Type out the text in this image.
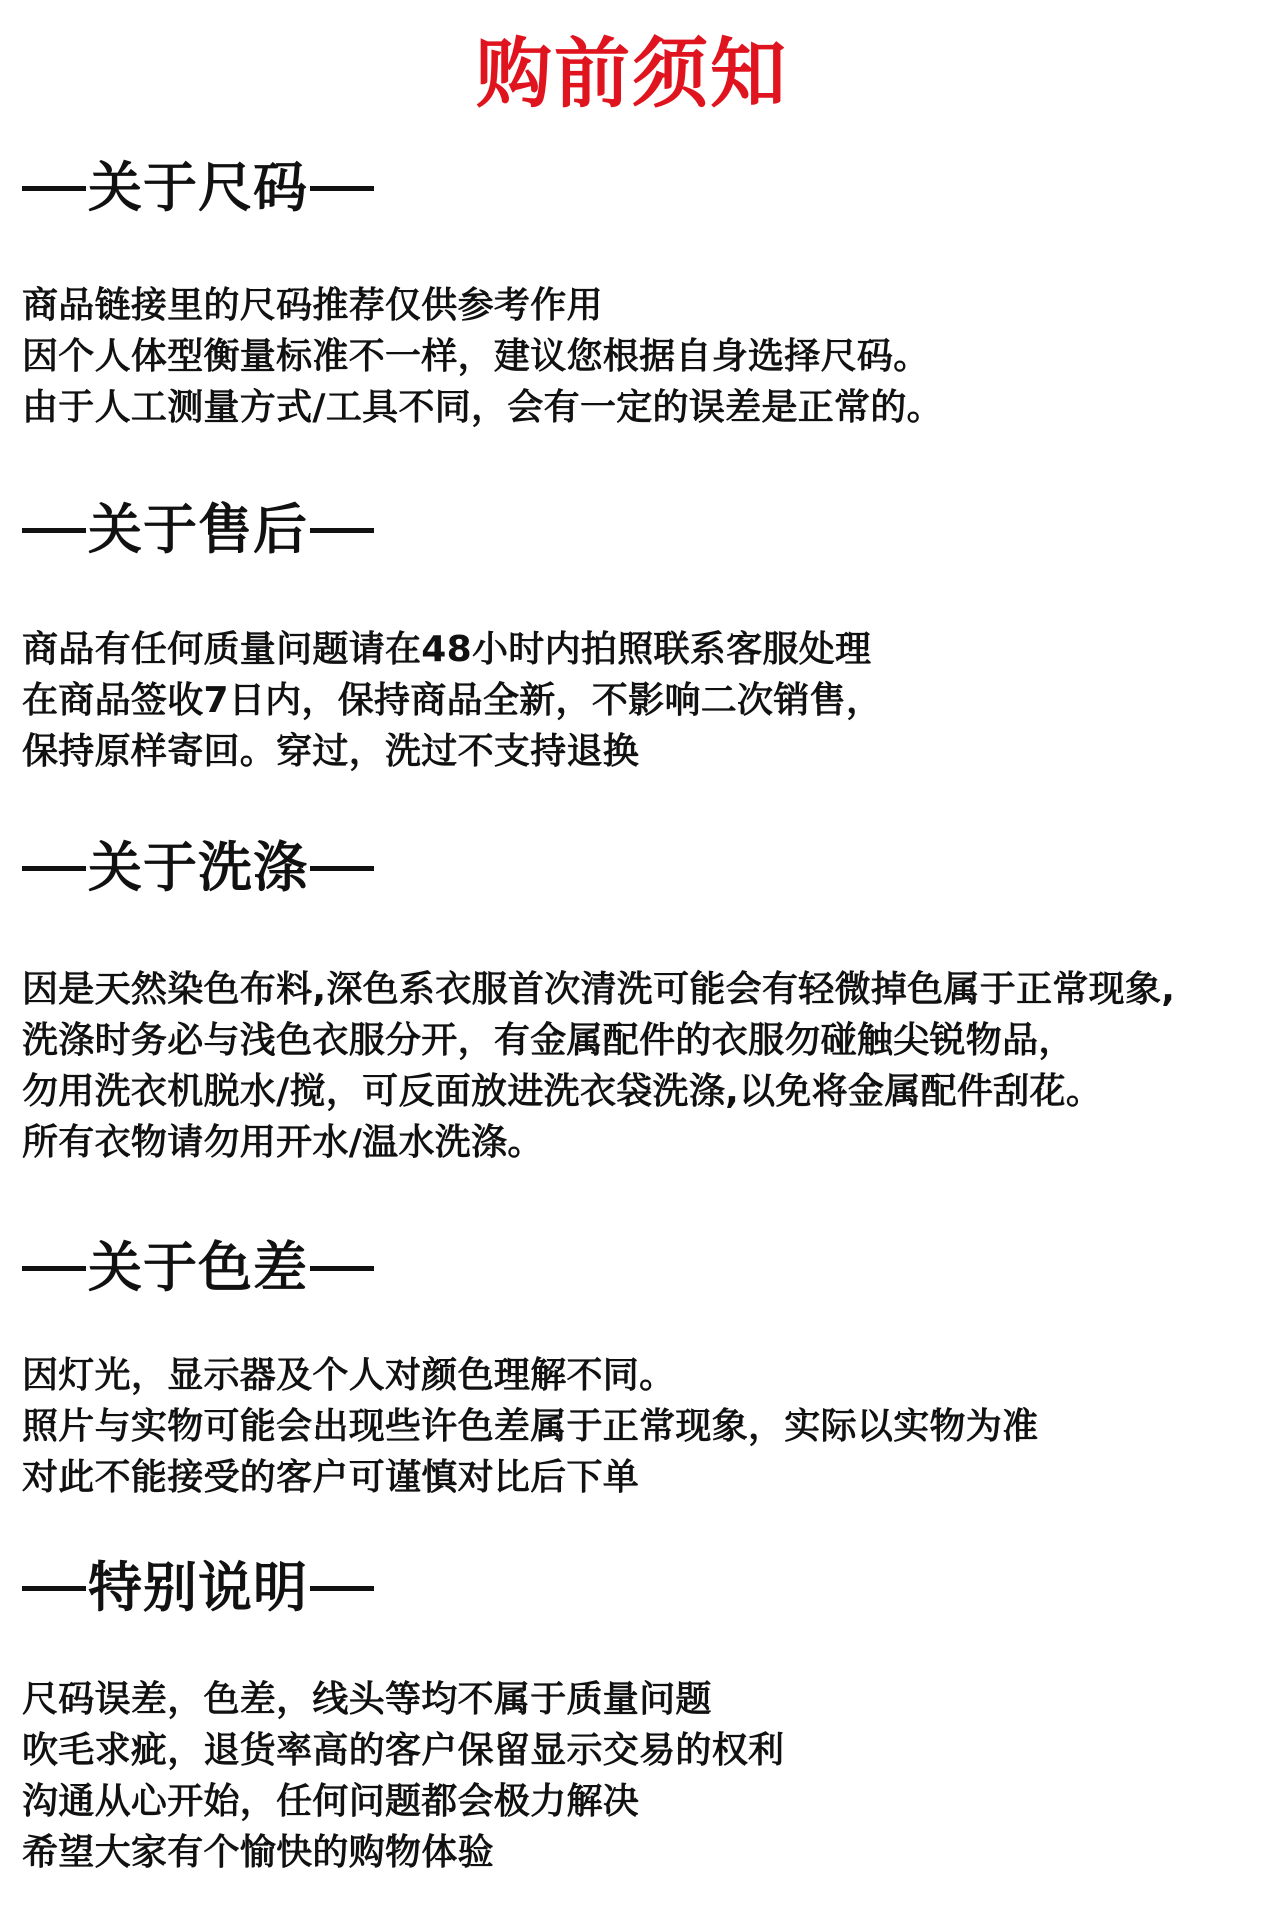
购前须知
关于尺码
商品链接里的尺码推荐仅供参考作用
因个人体型衡量标准不一样，建议您根据自身选择尺码。
由于人工测量方式/工具不同，会有一定的误差是正常的。
关于售后
商品有任何质量问题请在48小时内拍照联系客服处理
在商品签收7日内，保持商品全新，不影响二次销售，
保持原样寄回。穿过，洗过不支持退换
关于洗涤
因是天然染色布料,深色系衣服首次清洗可能会有轻微掉色属于正常现象,
洗涤时务必与浅色衣服分开，有金属配件的衣服勿碰触尖锐物品，
勿用洗衣机脱水/搅，可反面放进洗衣袋洗涤,以免将金属配件刮花。
所有衣物请勿用开水/温水洗涤。
关于色差
因灯光，显示器及个人对颜色理解不同。
照片与实物可能会出现些许色差属于正常现象，实际以实物为准
对此不能接受的客户可谨慎对比后下单
特别说明
尺码误差，色差，线头等均不属于质量问题
吹毛求疵，退货率高的客户保留显示交易的权利
沟通从心开始，任何问题都会极力解决
希望大家有个愉快的购物体验
